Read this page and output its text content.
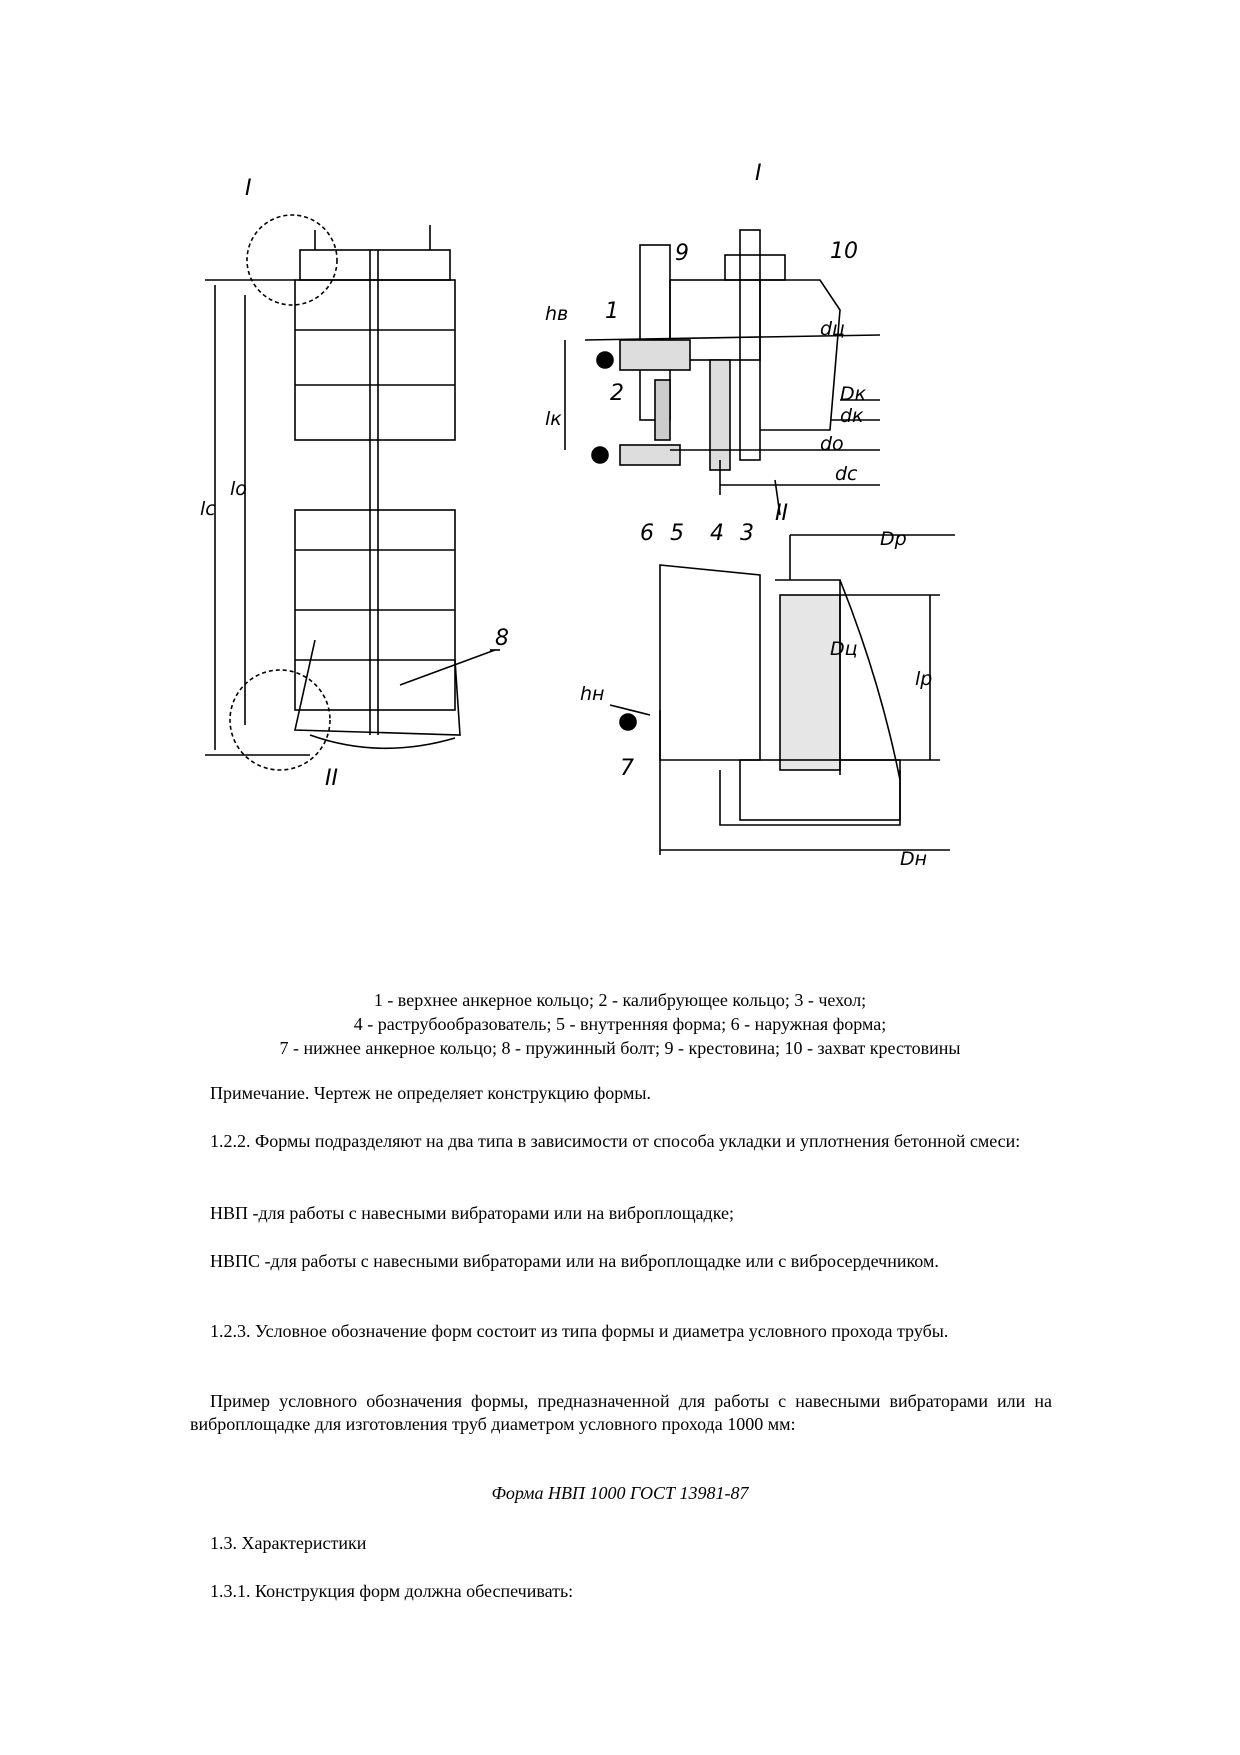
I
I
II
II
1
2
3
4
5
6
7
8
9	10
lc
lo
hв
lк
dц
Dк
dк
dо
dс
Dр
Dц
lр
hн
Dн
1 - верхнее анкерное кольцо; 2 - калибрующее кольцо; 3 - чехол;
4 - раструбообразователь; 5 - внутренняя форма; 6 - наружная форма;
7 - нижнее анкерное кольцо; 8 - пружинный болт; 9 - крестовина; 10 - захват крестовины
Примечание. Чертеж не определяет конструкцию формы.
1.2.2. Формы подразделяют на два типа в зависимости от способа укладки и уплотнения бетонной смеси:
НВП -для работы с навесными вибраторами или на виброплощадке;
НВПС -для работы с навесными вибраторами или на виброплощадке или с вибросердечником.
1.2.3. Условное обозначение форм состоит из типа формы и диаметра условного прохода трубы.
Пример условного обозначения формы, предназначенной для работы с навесными вибраторами или на виброплощадке для изготовления труб диаметром условного прохода 1000 мм:
Форма НВП 1000 ГОСТ 13981-87
1.3. Характеристики
1.3.1. Конструкция форм должна обеспечивать:
